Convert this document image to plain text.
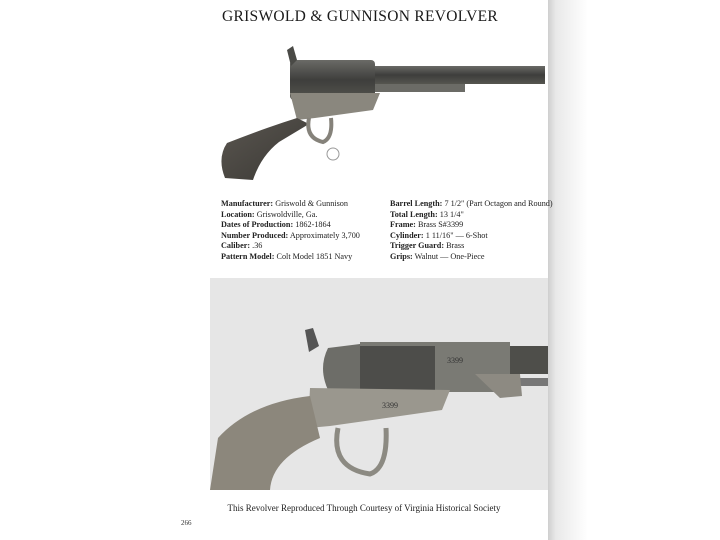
GRISWOLD & GUNNISON REVOLVER
Manufacturer: Griswold & Gunnison
Location: Griswoldville, Ga.
Dates of Production: 1862-1864
Number Produced: Approximately 3,700
Caliber: .36
Pattern Model: Colt Model 1851 Navy
Barrel Length: 7 1/2" (Part Octagon and Round)
Total Length: 13 1/4"
Frame: Brass S#3399
Cylinder: 1 11/16" — 6-Shot
Trigger Guard: Brass
Grips: Walnut — One-Piece
3399
3399
This Revolver Reproduced Through Courtesy of Virginia Historical Society
266
